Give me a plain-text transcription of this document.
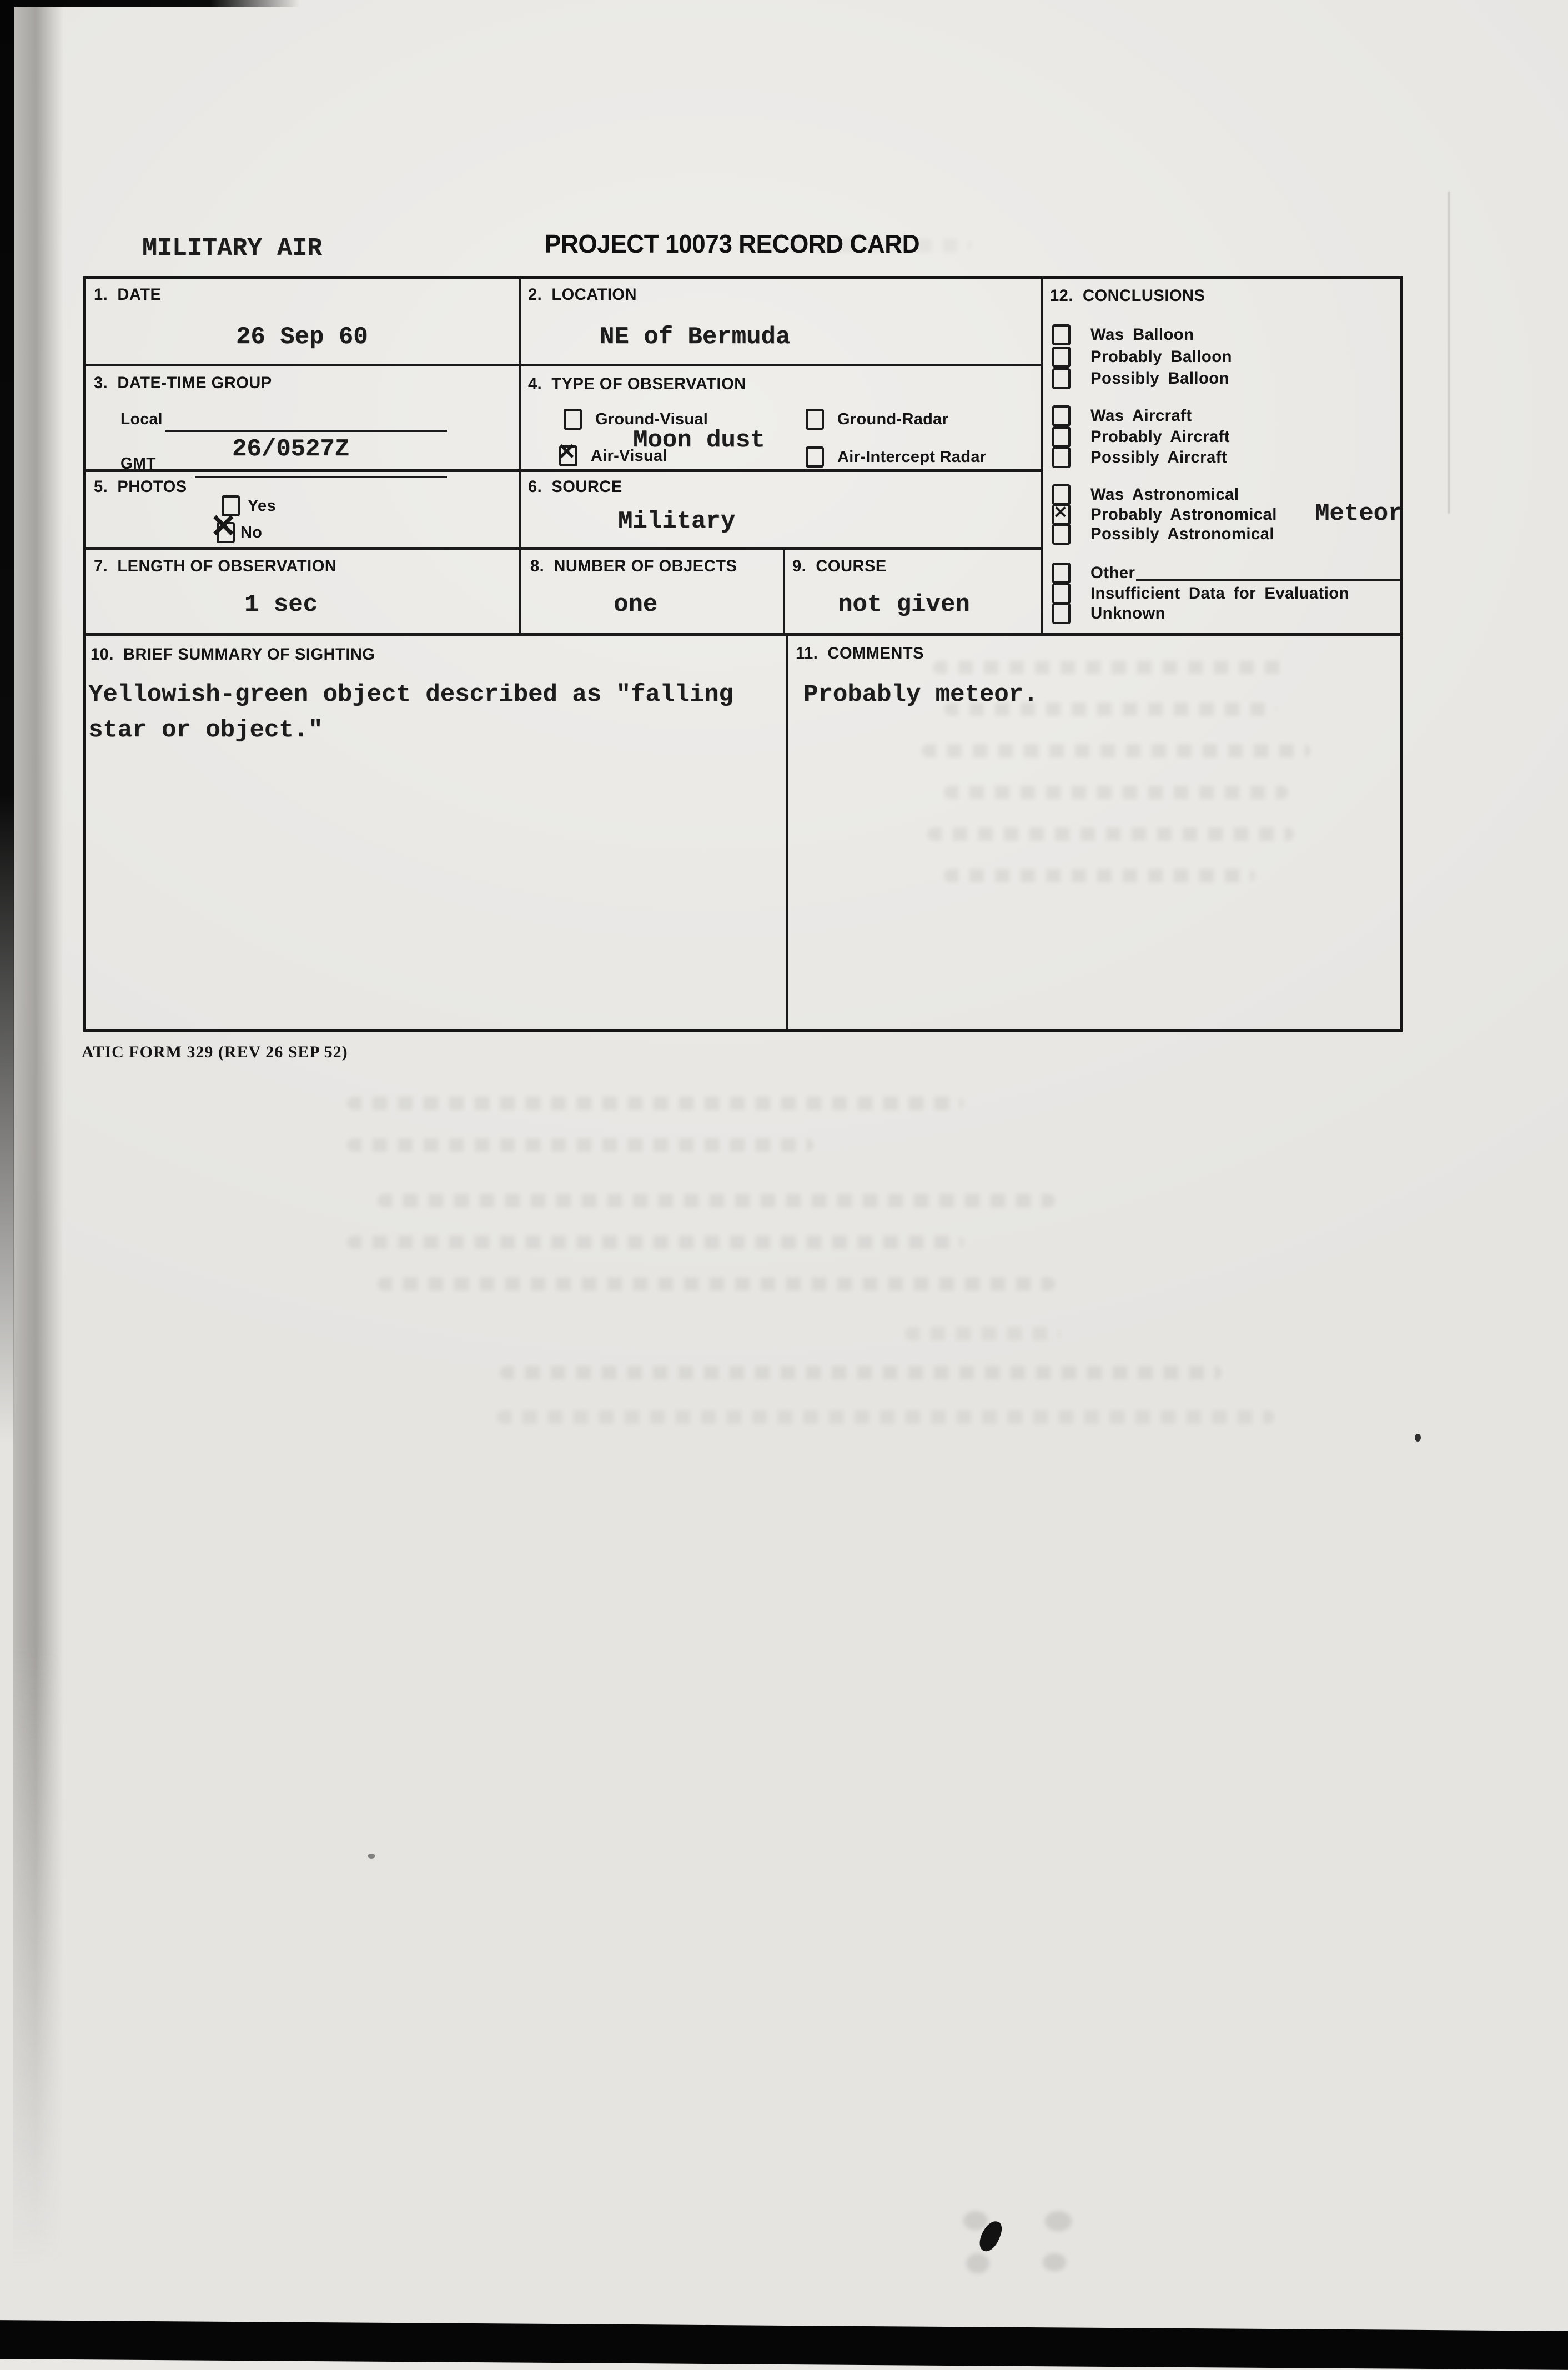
MILITARY AIR	PROJECT 10073 RECORD CARD
1.  DATE
26 Sep 60
2.  LOCATION
NE of Bermuda
3.  DATE-TIME GROUP
Local
26/0527Z
GMT
4.  TYPE OF OBSERVATION
Ground-Visual
Moon dust
✕
Air-Visual
Ground-Radar
Air-Intercept Radar
5.  PHOTOS
Yes
✕
No
6.  SOURCE
Military
7.  LENGTH OF OBSERVATION
1 sec
8.  NUMBER OF OBJECTS
one
9.  COURSE
not given
10.  BRIEF SUMMARY OF SIGHTING
Yellowish-green object described as "falling
star or object."
11.  COMMENTS
Probably meteor.
12.  CONCLUSIONS
Was Balloon
Probably Balloon
Possibly Balloon
Was Aircraft
Probably Aircraft
Possibly Aircraft
Was Astronomical
✕
Probably Astronomical Meteor
Possibly Astronomical
Other
Insufficient Data for Evaluation
Unknown
ATIC FORM 329 (REV 26 SEP 52)
